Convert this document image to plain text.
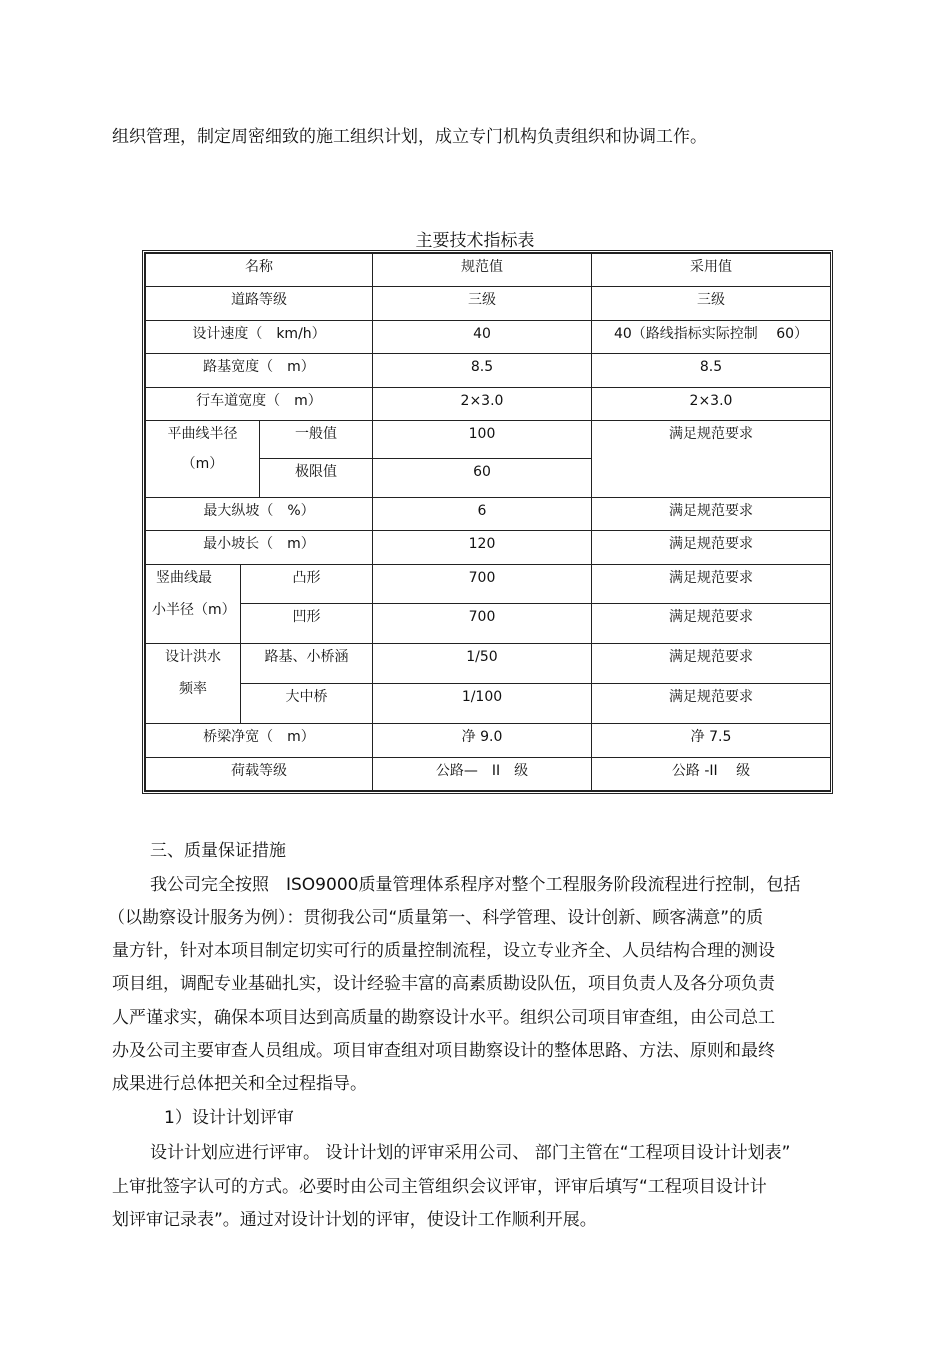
组织管理，制定周密细致的施工组织计划，成立专门机构负责组织和协调工作。
主要技术指标表
名称			规范值	采用值
道路等级			三级	三级
设计速度（　km/h）			40	40（路线指标实际控制　 60）
路基宽度（　m）			8.5	8.5
行车道宽度（　m）			2×3.0	2×3.0

平曲线半径
（m）		一般值	100	满足规范要求
		极限值	60	
最大纵坡（　%）			6	满足规范要求
最小坡长（　m）			120	满足规范要求

竖曲线最
小半径（m）	凸形		700	满足规范要求
	凹形		700	满足规范要求

设计洪水
频率	路基、小桥涵		1/50	满足规范要求
	大中桥		1/100	满足规范要求
桥梁净宽（　m）			净 9.0	净 7.5
荷载等级			公路—　II　级	公路 -II　 级
三、质量保证措施
我公司完全按照　ISO9000质量管理体系程序对整个工程服务阶段流程进行控制，包括
（以勘察设计服务为例）：贯彻我公司“质量第一、科学管理、设计创新、顾客满意”的质
量方针，针对本项目制定切实可行的质量控制流程，设立专业齐全、人员结构合理的测设
项目组，调配专业基础扎实，设计经验丰富的高素质勘设队伍，项目负责人及各分项负责
人严谨求实，确保本项目达到高质量的勘察设计水平。组织公司项目审查组，由公司总工
办及公司主要审查人员组成。项目审查组对项目勘察设计的整体思路、方法、原则和最终
成果进行总体把关和全过程指导。
1）设计计划评审
设计计划应进行评审。 设计计划的评审采用公司、 部门主管在“工程项目设计计划表”
上审批签字认可的方式。必要时由公司主管组织会议评审，评审后填写“工程项目设计计
划评审记录表”。通过对设计计划的评审，使设计工作顺利开展。
